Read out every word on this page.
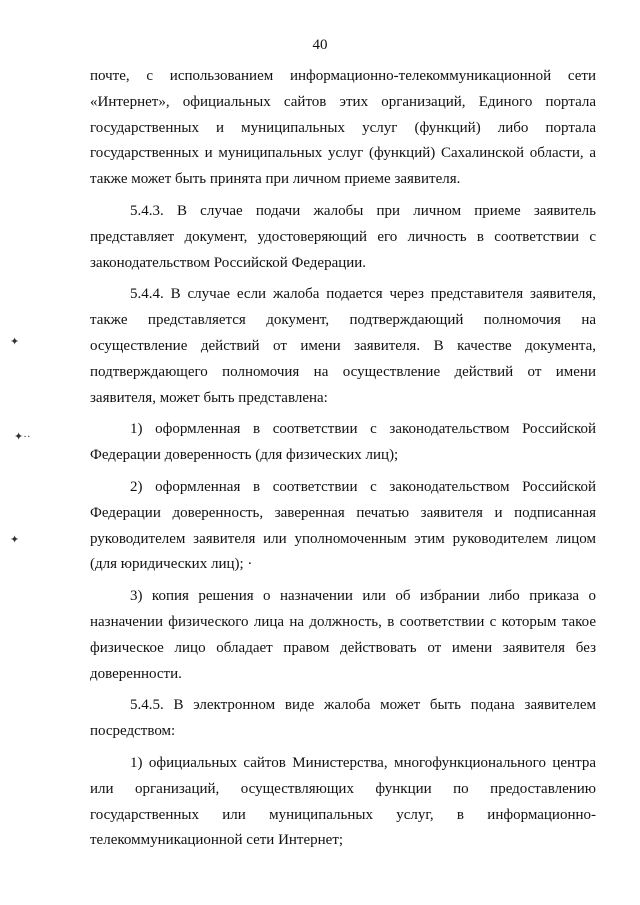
40
✦
✦··
✦

почте, с использованием информационно-телекоммуникационной сети «Интернет», официальных сайтов этих организаций, Единого портала государственных и муниципальных услуг (функций) либо портала государственных и муниципальных услуг (функций) Сахалинской области, а также может быть принята при личном приеме заявителя.

5.4.3. В случае подачи жалобы при личном приеме заявитель представляет документ, удостоверяющий его личность в соответствии с законодательством Российской Федерации.

5.4.4. В случае если жалоба подается через представителя заявителя, также представляется документ, подтверждающий полномочия на осуществление действий от имени заявителя. В качестве документа, подтверждающего полномочия на осуществление действий от имени заявителя, может быть представлена:

1) оформленная в соответствии с законодательством Российской Федерации доверенность (для физических лиц);

2) оформленная в соответствии с законодательством Российской Федерации доверенность, заверенная печатью заявителя и подписанная руководителем заявителя или уполномоченным этим руководителем лицом (для юридических лиц); ·

3) копия решения о назначении или об избрании либо приказа о назначении физического лица на должность, в соответствии с которым такое физическое лицо обладает правом действовать от имени заявителя без доверенности.

5.4.5. В электронном виде жалоба может быть подана заявителем посредством:

1) официальных сайтов Министерства, многофункционального центра или организаций, осуществляющих функции по предоставлению государственных или муниципальных услуг, в информационно-телекоммуникационной сети Интернет;
